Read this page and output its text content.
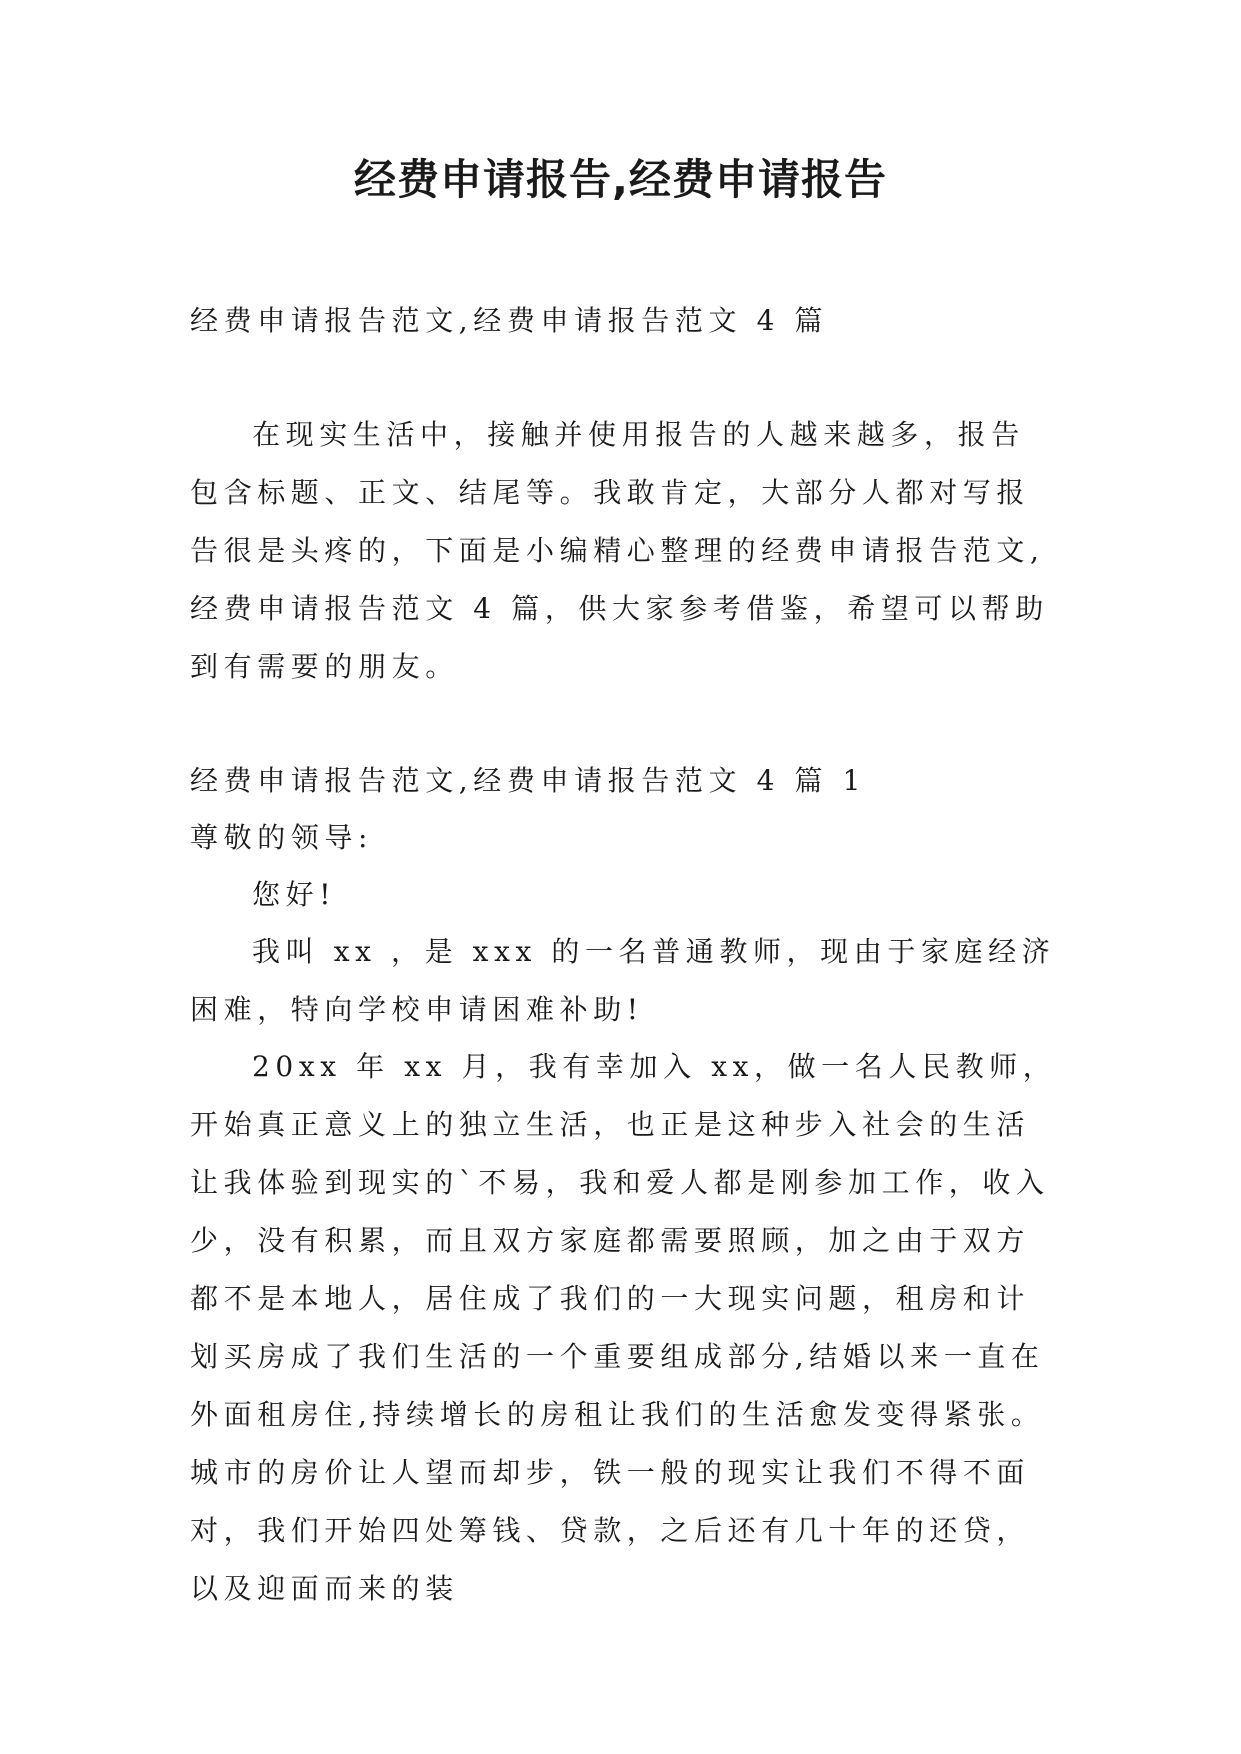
经费申请报告,经费申请报告

经费申请报告范文,经费申请报告范文 4 篇

在现实生活中，接触并使用报告的人越来越多，报告包含标题、正文、结尾等。我敢肯定，大部分人都对写报告很是头疼的，下面是小编精心整理的经费申请报告范文,经费申请报告范文 4 篇，供大家参考借鉴，希望可以帮助到有需要的朋友。

经费申请报告范文,经费申请报告范文 4 篇 1

尊敬的领导:

您好!

我叫 xx ，是 xxx 的一名普通教师，现由于家庭经济困难，特向学校申请困难补助!

20xx 年 xx 月，我有幸加入 xx，做一名人民教师，开始真正意义上的独立生活，也正是这种步入社会的生活让我体验到现实的`不易，我和爱人都是刚参加工作，收入少，没有积累，而且双方家庭都需要照顾，加之由于双方都不是本地人，居住成了我们的一大现实问题，租房和计划买房成了我们生活的一个重要组成部分,结婚以来一直在外面租房住,持续增长的房租让我们的生活愈发变得紧张。城市的房价让人望而却步，铁一般的现实让我们不得不面对，我们开始四处筹钱、贷款，之后还有几十年的还贷，以及迎面而来的装
